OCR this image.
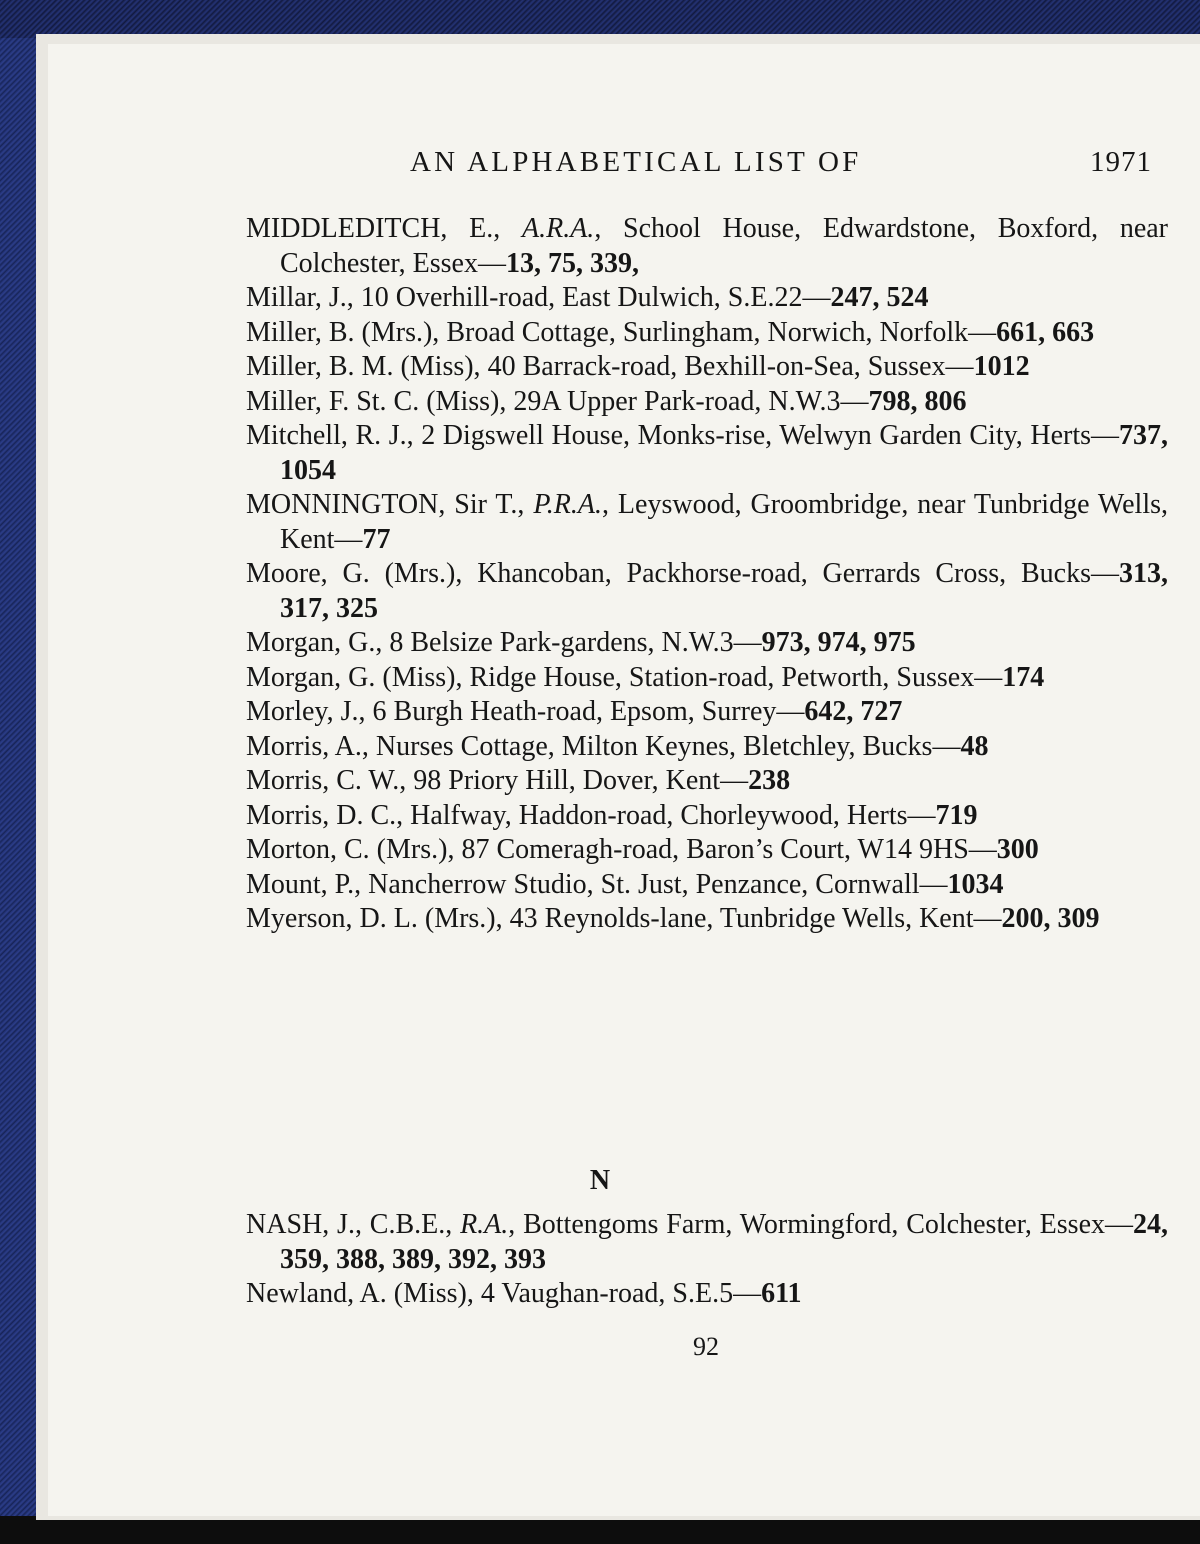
AN ALPHABETICAL LIST OF	1971

MIDDLEDITCH, E., A.R.A., School House, Edwardstone, Boxford, near Colchester, Essex—13, 75, 339,

Millar, J., 10 Overhill-road, East Dulwich, S.E.22—247, 524

Miller, B. (Mrs.), Broad Cottage, Surlingham, Norwich, Norfolk—661, 663

Miller, B. M. (Miss), 40 Barrack-road, Bexhill-on-Sea, Sussex—1012

Miller, F. St. C. (Miss), 29A Upper Park-road, N.W.3—798, 806

Mitchell, R. J., 2 Digswell House, Monks-rise, Welwyn Garden City, Herts—737, 1054

MONNINGTON, Sir T., P.R.A., Leyswood, Groombridge, near Tunbridge Wells, Kent—77

Moore, G. (Mrs.), Khancoban, Packhorse-road, Gerrards Cross, Bucks—313, 317, 325

Morgan, G., 8 Belsize Park-gardens, N.W.3—973, 974, 975

Morgan, G. (Miss), Ridge House, Station-road, Petworth, Sussex—174

Morley, J., 6 Burgh Heath-road, Epsom, Surrey—642, 727

Morris, A., Nurses Cottage, Milton Keynes, Bletchley, Bucks—48

Morris, C. W., 98 Priory Hill, Dover, Kent—238

Morris, D. C., Halfway, Haddon-road, Chorleywood, Herts—719

Morton, C. (Mrs.), 87 Comeragh-road, Baron’s Court, W14 9HS—300

Mount, P., Nancherrow Studio, St. Just, Penzance, Cornwall—1034

Myerson, D. L. (Mrs.), 43 Reynolds-lane, Tunbridge Wells, Kent—200, 309

N

NASH, J., C.B.E., R.A., Bottengoms Farm, Wormingford, Colchester, Essex—24, 359, 388, 389, 392, 393

Newland, A. (Miss), 4 Vaughan-road, S.E.5—611

92
